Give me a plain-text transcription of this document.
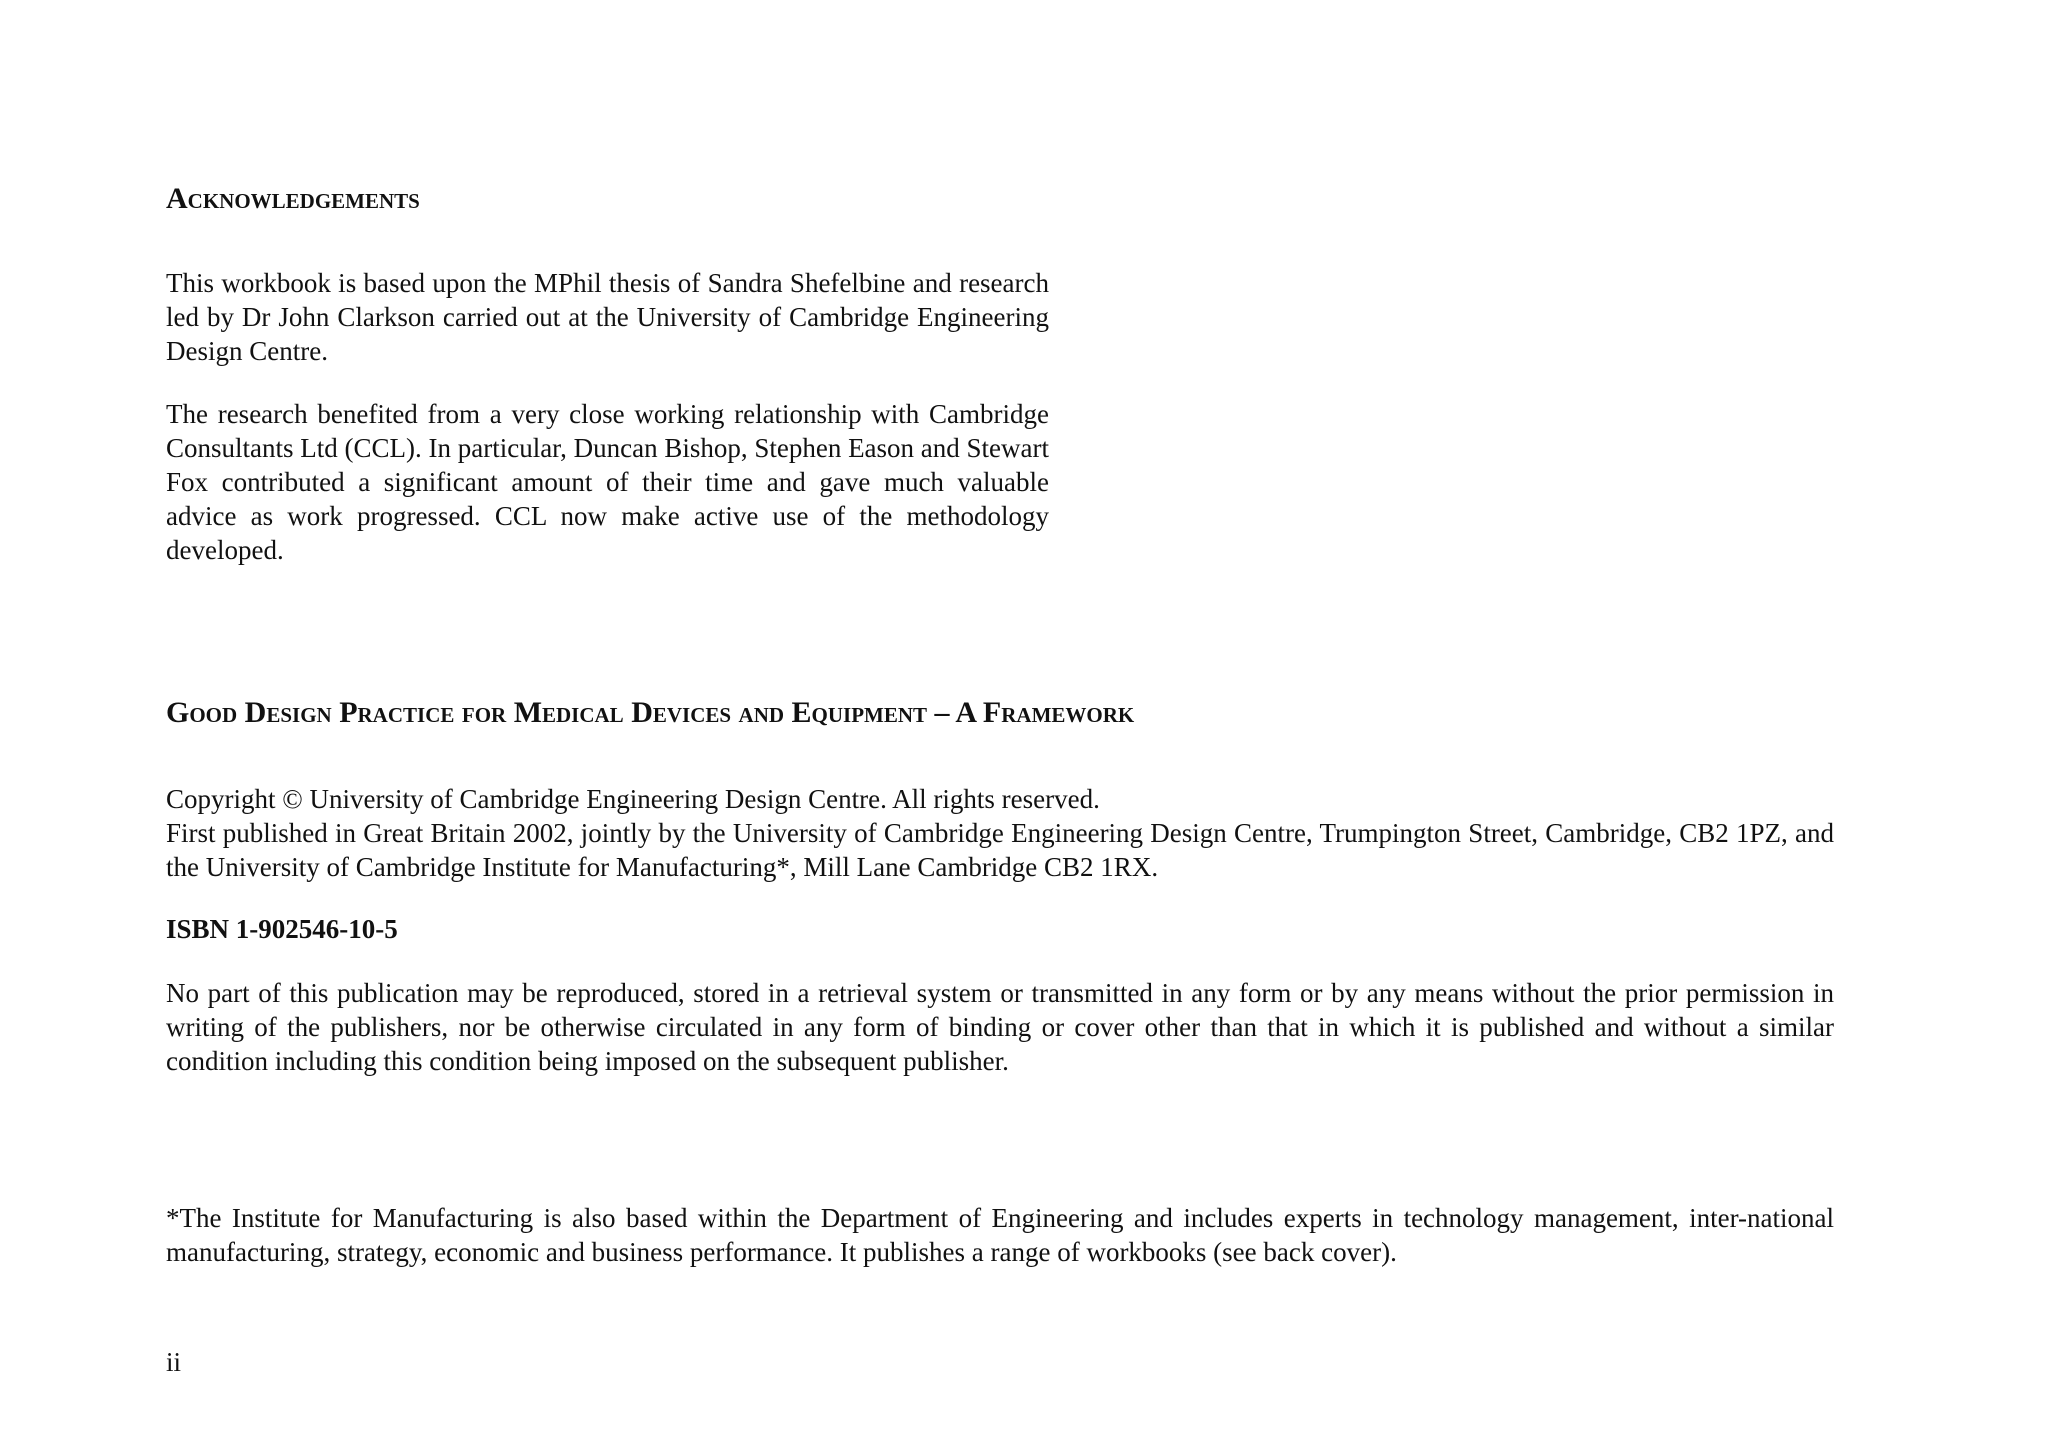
Acknowledgements

This workbook is based upon the MPhil thesis of Sandra Shefelbine and research led by Dr John Clarkson carried out at the University of Cambridge Engineering Design Centre.

The research benefited from a very close working relationship with Cambridge Consultants Ltd (CCL). In particular, Duncan Bishop, Stephen Eason and Stewart Fox contributed a significant amount of their time and gave much valuable advice as work progressed. CCL now make active use of the methodology developed.

Good Design Practice for Medical Devices and Equipment – A Framework
Copyright © University of Cambridge Engineering Design Centre. All rights reserved.
First published in Great Britain 2002, jointly by the University of Cambridge Engineering Design Centre, Trumpington Street, Cambridge, CB2 1PZ, and the University of Cambridge Institute for Manufacturing*, Mill Lane Cambridge CB2 1RX.

ISBN 1-902546-10-5

No part of this publication may be reproduced, stored in a retrieval system or transmitted in any form or by any means without the prior permission in writing of the publishers, nor be otherwise circulated in any form of binding or cover other than that in which it is published and without a similar condition including this condition being imposed on the subsequent publisher.

*The Institute for Manufacturing is also based within the Department of Engineering and includes experts in technology management, inter-national manufacturing, strategy, economic and business performance. It publishes a range of workbooks (see back cover).

ii
